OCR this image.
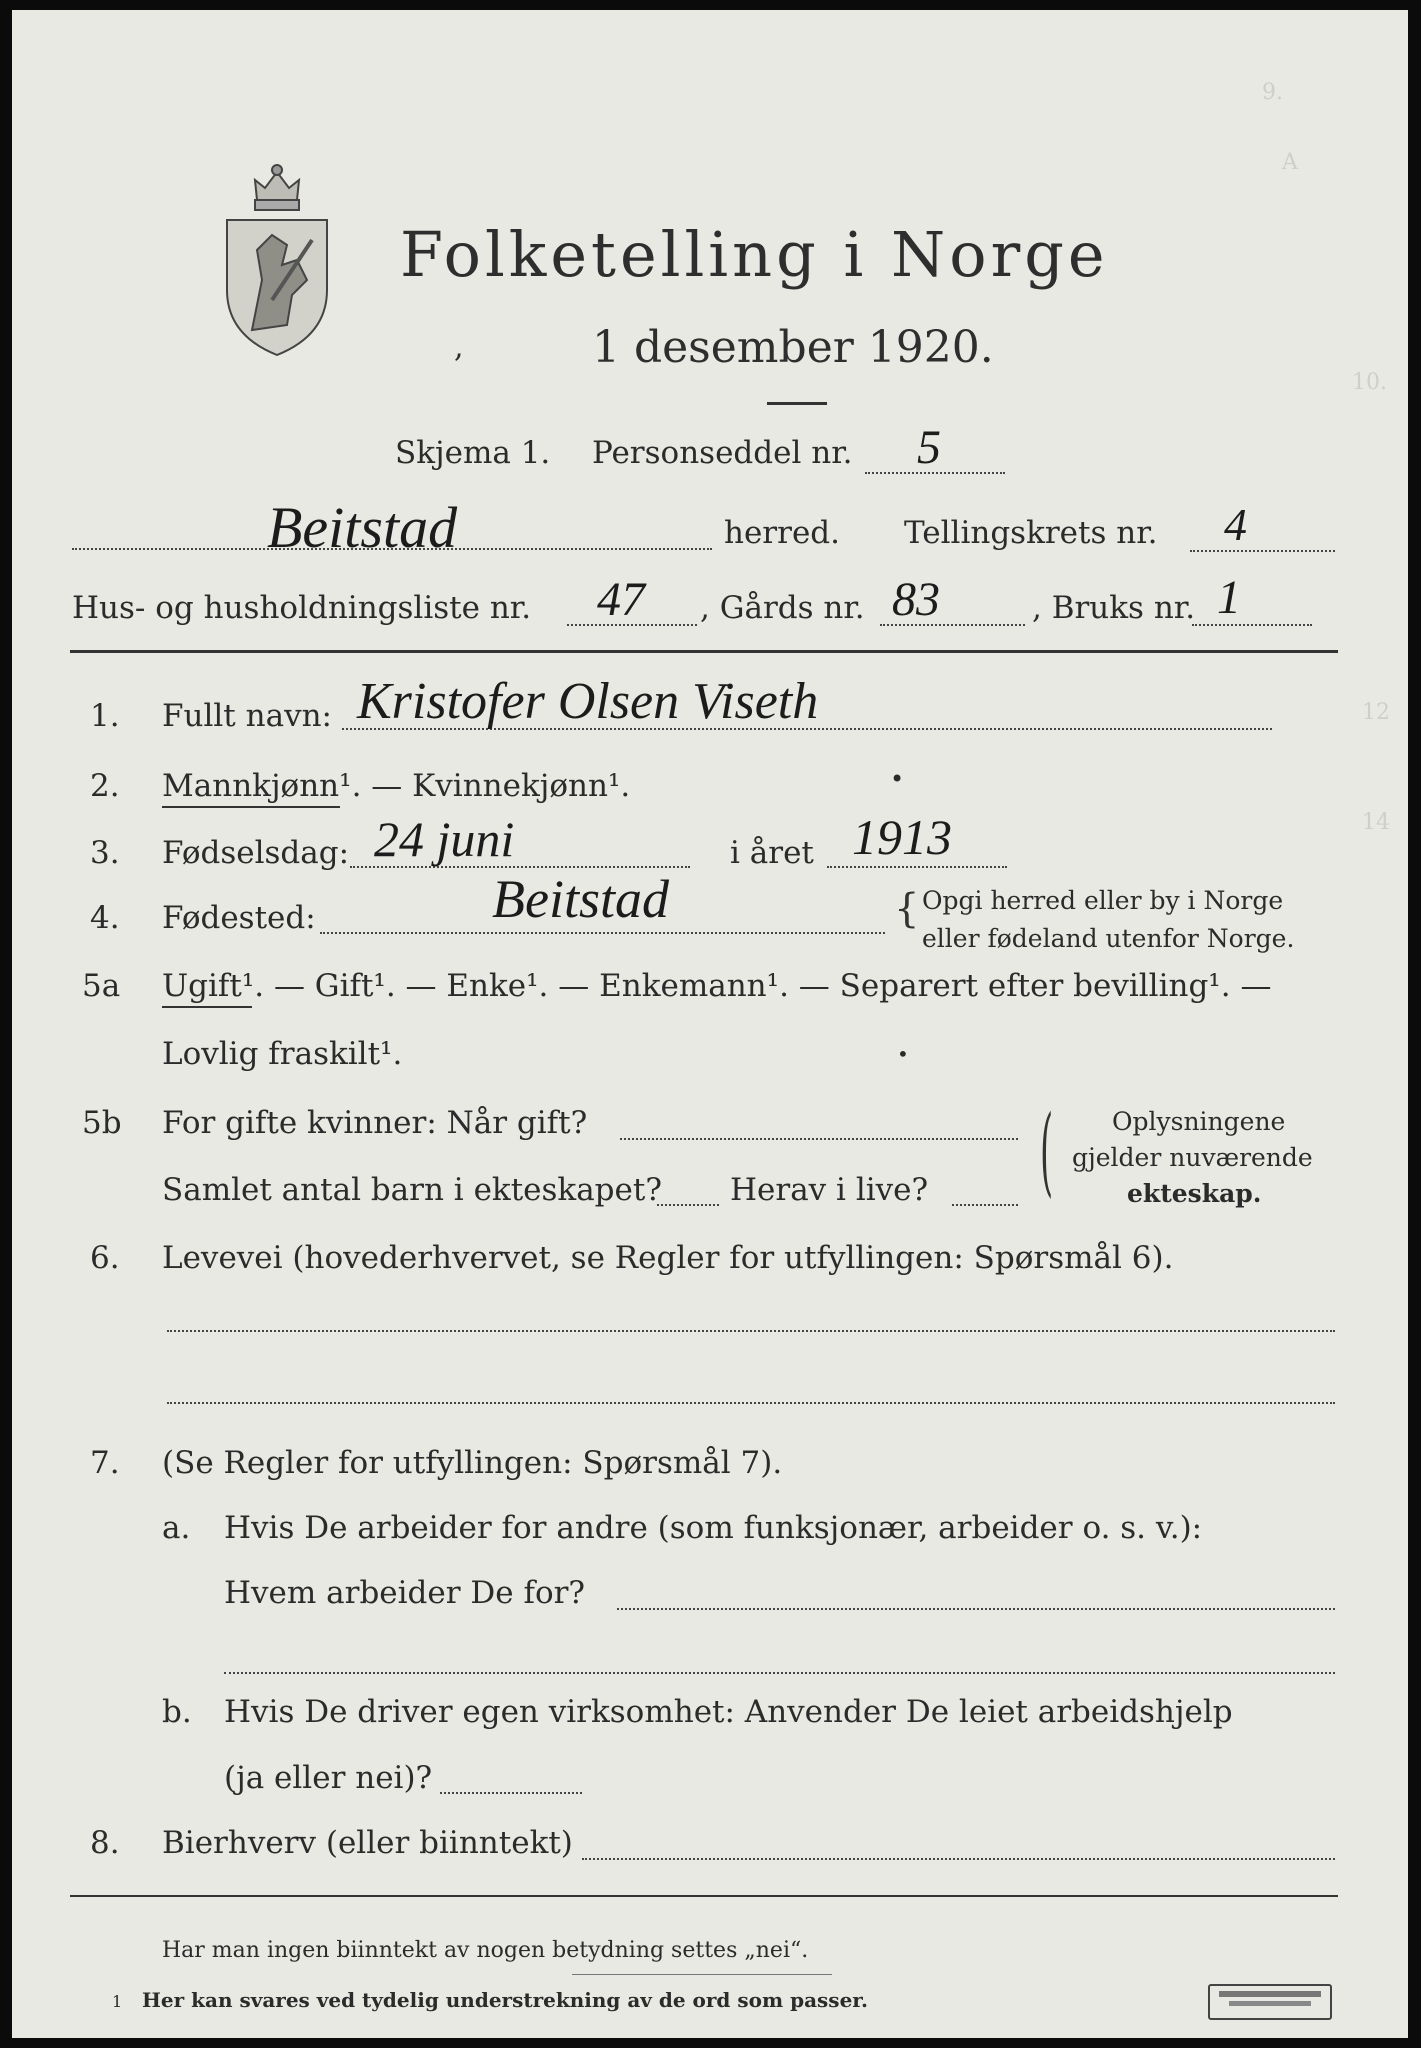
9.
A
10.
12
14
Folketelling i Norge
1 desember 1920.
,
Skjema 1. Personseddel nr. 5
Beitstad	herred. Tellingskrets nr. 4
Hus- og husholdningsliste nr. 47 , Gårds nr. 83	, Bruks nr. 1
1. Fullt navn: Kristofer Olsen Viseth
2. Mannkjønn¹. — Kvinnekjønn¹.	•
3. Fødselsdag: 24 juni	i året 1913
4. Fødested:	Beitstad	{ Opgi herred eller by i Norge
eller fødeland utenfor Norge.
5a Ugift¹. — Gift¹. — Enke¹. — Enkemann¹. — Separert efter bevilling¹. —
Lovlig fraskilt¹.	•
5b For gifte kvinner: Når gift?
Samlet antal barn i ekteskapet? Herav i live? ( Oplysningene
gjelder nuværende
ekteskap.
6. Levevei (hovederhvervet, se Regler for utfyllingen: Spørsmål 6).
7. (Se Regler for utfyllingen: Spørsmål 7).
a. Hvis De arbeider for andre (som funksjonær, arbeider o. s. v.):
Hvem arbeider De for?
b. Hvis De driver egen virksomhet: Anvender De leiet arbeidshjelp
(ja eller nei)?
8. Bierhverv (eller biinntekt)
Har man ingen biinntekt av nogen betydning settes „nei“.
1 Her kan svares ved tydelig understrekning av de ord som passer.
